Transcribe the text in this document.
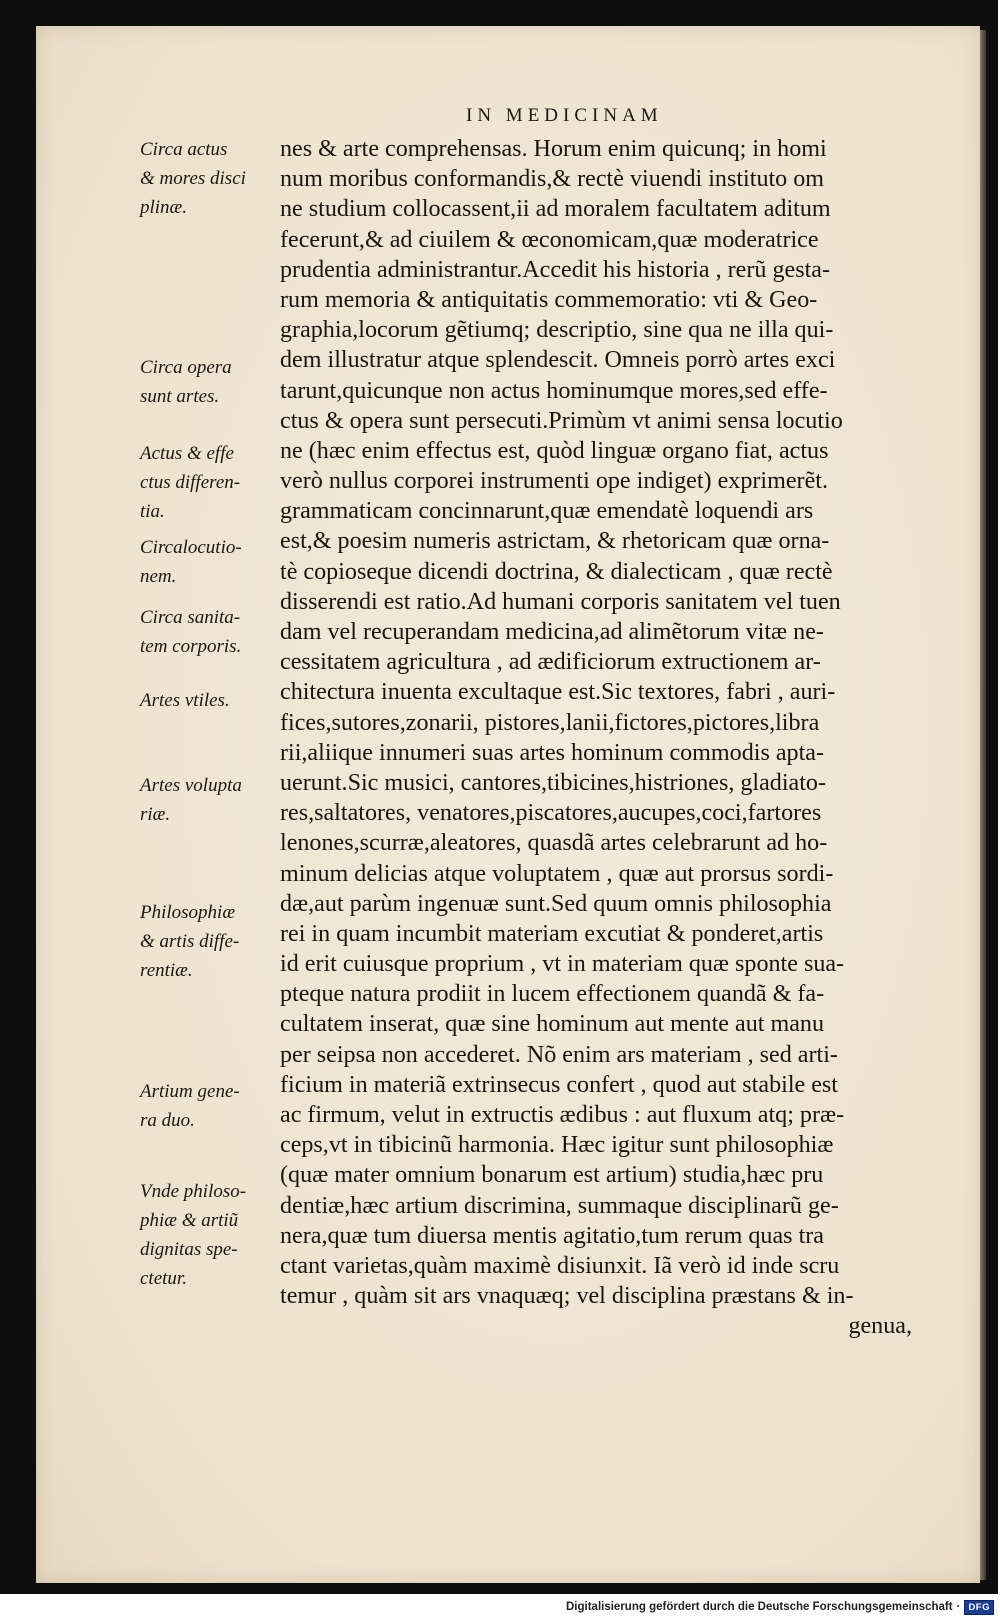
IN MEDICINAM
nes & arte comprehensas. Horum enim quicunq; in homi
num moribus conformandis,& rectè viuendi instituto om
ne studium collocassent,ii ad moralem facultatem aditum
fecerunt,& ad ciuilem & œconomicam,quæ moderatrice
prudentia administrantur.Accedit his historia , rerũ gesta-
rum memoria & antiquitatis commemoratio: vti & Geo-
graphia,locorum gẽtiumq; descriptio, sine qua ne illa qui-
dem illustratur atque splendescit. Omneis porrò artes exci
tarunt,quicunque non actus hominumque mores,sed effe-
ctus & opera sunt persecuti.Primùm vt animi sensa locutio
ne (hæc enim effectus est, quòd linguæ organo fiat, actus
verò nullus corporei instrumenti ope indiget) exprimerẽt.
grammaticam concinnarunt,quæ emendatè loquendi ars
est,& poesim numeris astrictam, & rhetoricam quæ orna-
tè copioseque dicendi doctrina, & dialecticam , quæ rectè
disserendi est ratio.Ad humani corporis sanitatem vel tuen
dam vel recuperandam medicina,ad alimẽtorum vitæ ne-
cessitatem agricultura , ad ædificiorum extructionem ar-
chitectura inuenta excultaque est.Sic textores, fabri , auri-
fices,sutores,zonarii, pistores,lanii,fictores,pictores,libra
rii,aliique innumeri suas artes hominum commodis apta-
uerunt.Sic musici, cantores,tibicines,histriones, gladiato-
res,saltatores, venatores,piscatores,aucupes,coci,fartores
lenones,scurræ,aleatores, quasdã artes celebrarunt ad ho-
minum delicias atque voluptatem , quæ aut prorsus sordi-
dæ,aut parùm ingenuæ sunt.Sed quum omnis philosophia
rei in quam incumbit materiam excutiat & ponderet,artis
id erit cuiusque proprium , vt in materiam quæ sponte sua-
pteque natura prodiit in lucem effectionem quandã & fa-
cultatem inserat, quæ sine hominum aut mente aut manu
per seipsa non accederet. Nõ enim ars materiam , sed arti-
ficium in materiã extrinsecus confert , quod aut stabile est
ac firmum, velut in extructis ædibus : aut fluxum atq; præ-
ceps,vt in tibicinũ harmonia. Hæc igitur sunt philosophiæ
(quæ mater omnium bonarum est artium) studia,hæc pru
dentiæ,hæc artium discrimina, summaque disciplinarũ ge-
nera,quæ tum diuersa mentis agitatio,tum rerum quas tra
ctant varietas,quàm maximè disiunxit. Iã verò id inde scru
temur , quàm sit ars vnaquæq; vel disciplina præstans & in-
genua,
Circa actus
& mores disci
plinæ.
Circa opera
sunt artes.
Actus & effe
ctus differen-
tia.
Circalocutio-
nem.
Circa sanita-
tem corporis.
Artes vtiles.
Artes volupta
riæ.
Philosophiæ
& artis diffe-
rentiæ.
Artium gene-
ra duo.
Vnde philoso-
phiæ & artiũ
dignitas spe-
ctetur.
Digitalisierung gefördert durch die Deutsche Forschungsgemeinschaft · DFG
